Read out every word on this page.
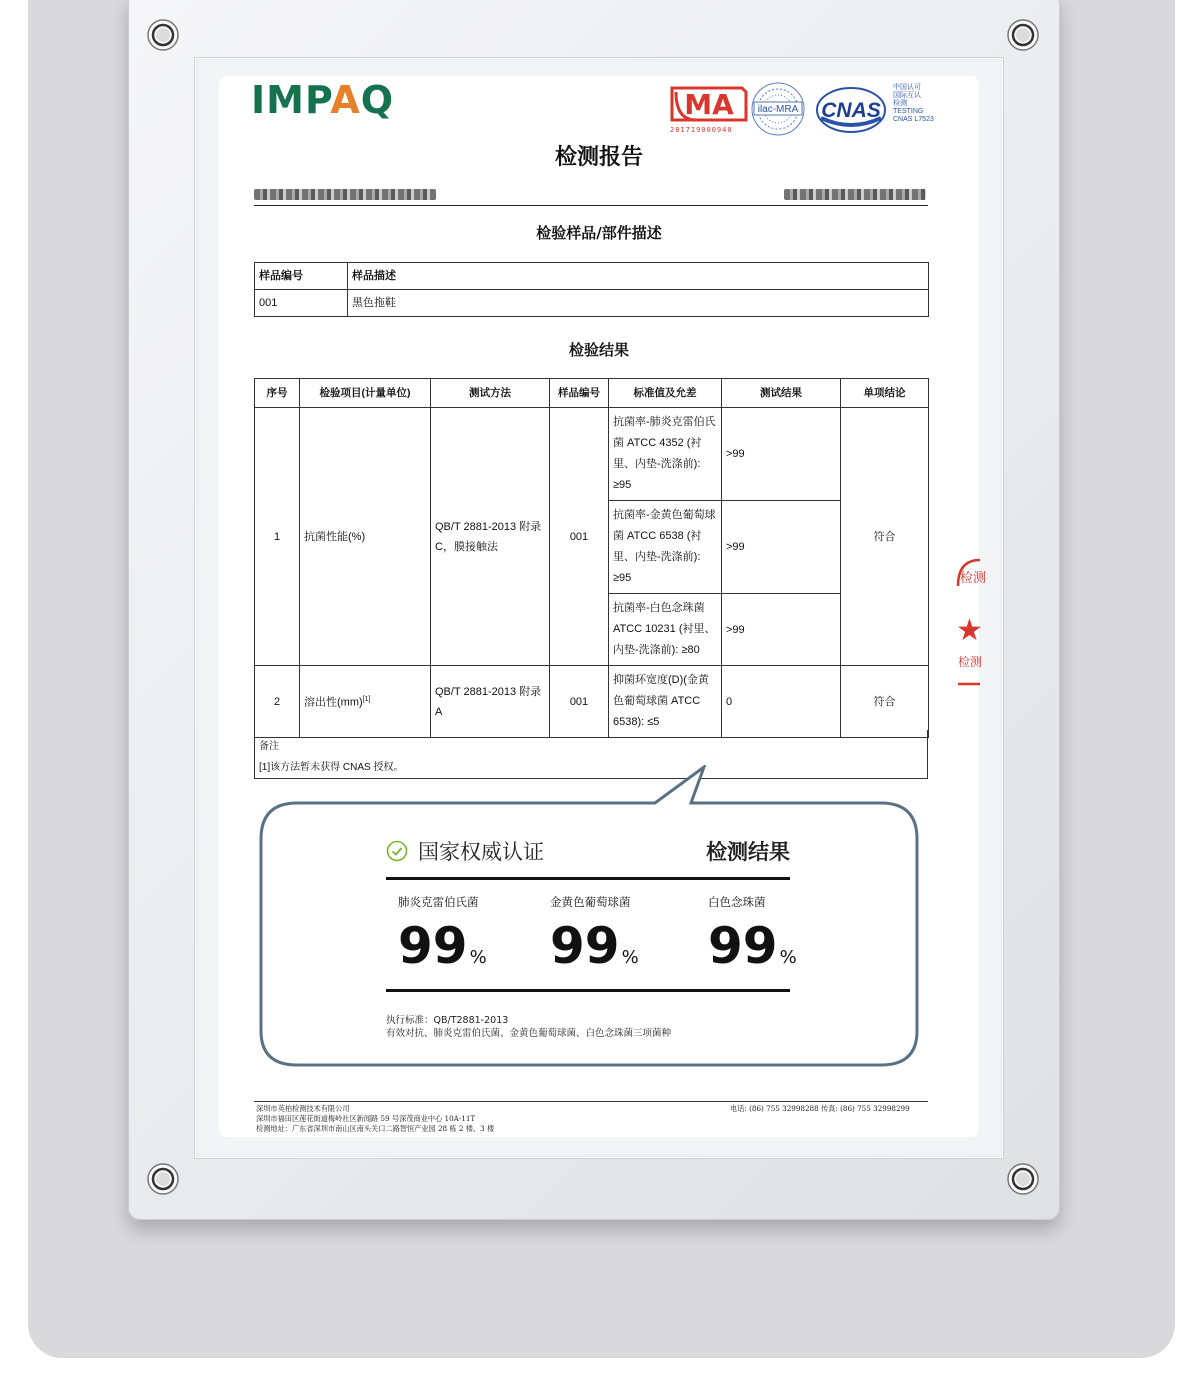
IMPAQ	MA ilac-MRA CNAS
201719000940
中国认可
国际互认
检测
TESTING
CNAS L7523
检测报告
检验样品/部件描述
样品编号	样品描述
001	黑色拖鞋
检验结果
序号	检验项目(计量单位)	测试方法	样品编号	标准值及允差	测试结果	单项结论
1	抗菌性能(%)	QB/T 2881-2013 附录C，膜接触法	001	抗菌率-肺炎克雷伯氏菌 ATCC 4352 (衬里、内垫-洗涤前): ≥95	>99	符合
				抗菌率-金黄色葡萄球菌 ATCC 6538 (衬里、内垫-洗涤前): ≥95	>99	
				抗菌率-白色念珠菌 ATCC 10231 (衬里、内垫-洗涤前): ≥80	>99	
2	溶出性(mm)[1]	QB/T 2881-2013 附录A	001	抑菌环宽度(D)(金黄色葡萄球菌 ATCC 6538): ≤5	0	符合
备注
[1]该方法暂未获得 CNAS 授权。
检测
★
检测
国家权威认证	检测结果
肺炎克雷伯氏菌
99 %
金黄色葡萄球菌
99 %
白色念珠菌
99 %
执行标准：QB/T2881-2013
有效对抗、肺炎克雷伯氏菌、金黄色葡萄球菌、白色念珠菌三项菌种
深圳市英柏检测技术有限公司
深圳市福田区莲花街道梅岭社区新闻路 59 号深茂商业中心 10A-11T
检测地址：广东省深圳市南山区南头关口二路智恒产业园 28 栋 2 楼、3 楼
电话: (86) 755 32998288 传真: (86) 755 32998299
